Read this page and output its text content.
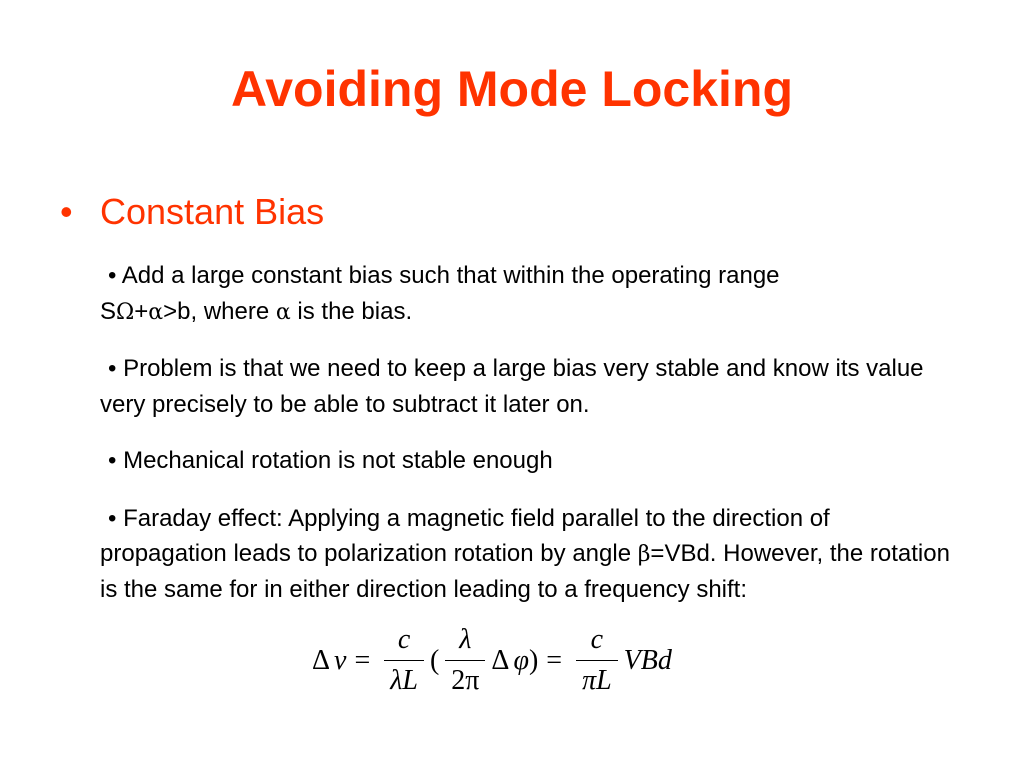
Avoiding Mode Locking
• Constant Bias
• Add a large constant bias such that within the operating range
SΩ+α>b, where α is the bias.
• Problem is that we need to keep a large bias very stable and know its value very precisely to be able to subtract it later on.
• Mechanical rotation is not stable enough
• Faraday effect: Applying a magnetic field parallel to the direction of propagation leads to polarization rotation by angle β=VBd. However, the rotation is the same for in either direction leading to a frequency shift:
Δ $\nu = \frac{c}{\lambda L}$ ( $\frac{\lambda}{2\pi}$ Δ φ ) = $\frac{c}{\pi L}$ VBd
